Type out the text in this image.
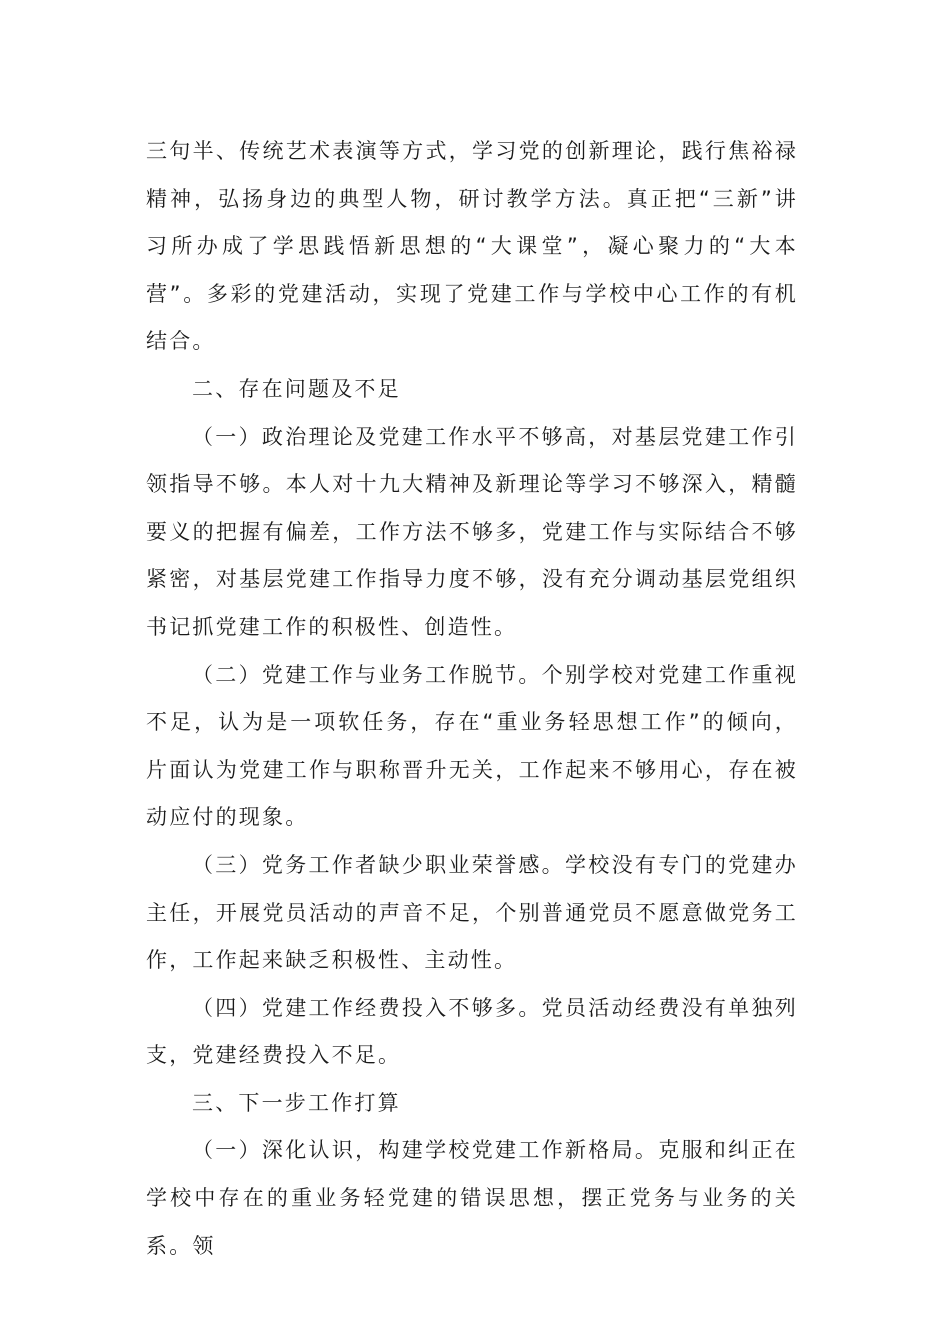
三句半、传统艺术表演等方式，学习党的创新理论，践行焦裕禄精神，弘扬身边的典型人物，研讨教学方法。真正把“三新”讲习所办成了学思践悟新思想的“大课堂”，凝心聚力的“大本营”。多彩的党建活动，实现了党建工作与学校中心工作的有机结合。

二、存在问题及不足

（一）政治理论及党建工作水平不够高，对基层党建工作引领指导不够。本人对十九大精神及新理论等学习不够深入，精髓要义的把握有偏差，工作方法不够多，党建工作与实际结合不够紧密，对基层党建工作指导力度不够，没有充分调动基层党组织书记抓党建工作的积极性、创造性。

（二）党建工作与业务工作脱节。个别学校对党建工作重视不足，认为是一项软任务，存在“重业务轻思想工作”的倾向，片面认为党建工作与职称晋升无关，工作起来不够用心，存在被动应付的现象。

（三）党务工作者缺少职业荣誉感。学校没有专门的党建办主任，开展党员活动的声音不足，个别普通党员不愿意做党务工作，工作起来缺乏积极性、主动性。

（四）党建工作经费投入不够多。党员活动经费没有单独列支，党建经费投入不足。

三、下一步工作打算

（一）深化认识，构建学校党建工作新格局。克服和纠正在学校中存在的重业务轻党建的错误思想，摆正党务与业务的关系。领
